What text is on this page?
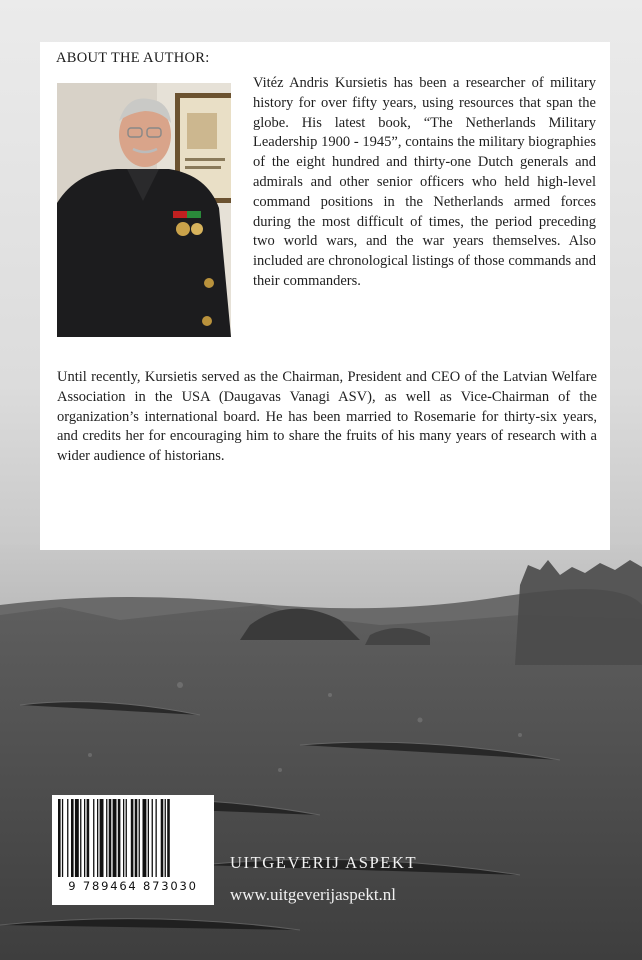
ABOUT THE AUTHOR:

Vitéz Andris Kursietis has been a researcher of military history for over fifty years, using resources that span the globe. His latest book, “The Netherlands Military Leadership 1900 - 1945”, contains the military biographies of the eight hundred and thirty-one Dutch generals and admirals and other senior officers who held high-level command positions in the Netherlands armed forces during the most difficult of times, the period preceding two world wars, and the war years themselves. Also included are chronological listings of those commands and their commanders.

Until recently, Kursietis served as the Chairman, President and CEO of the Latvian Welfare Association in the USA (Daugavas Vanagi ASV), as well as Vice-Chairman of the organization’s international board. He has been married to Rosemarie for thirty-six years, and credits her for encouraging him to share the fruits of his many years of research with a wider audience of historians.

9 789464 873030
UITGEVERIJ ASPEKT
www.uitgeverijaspekt.nl
